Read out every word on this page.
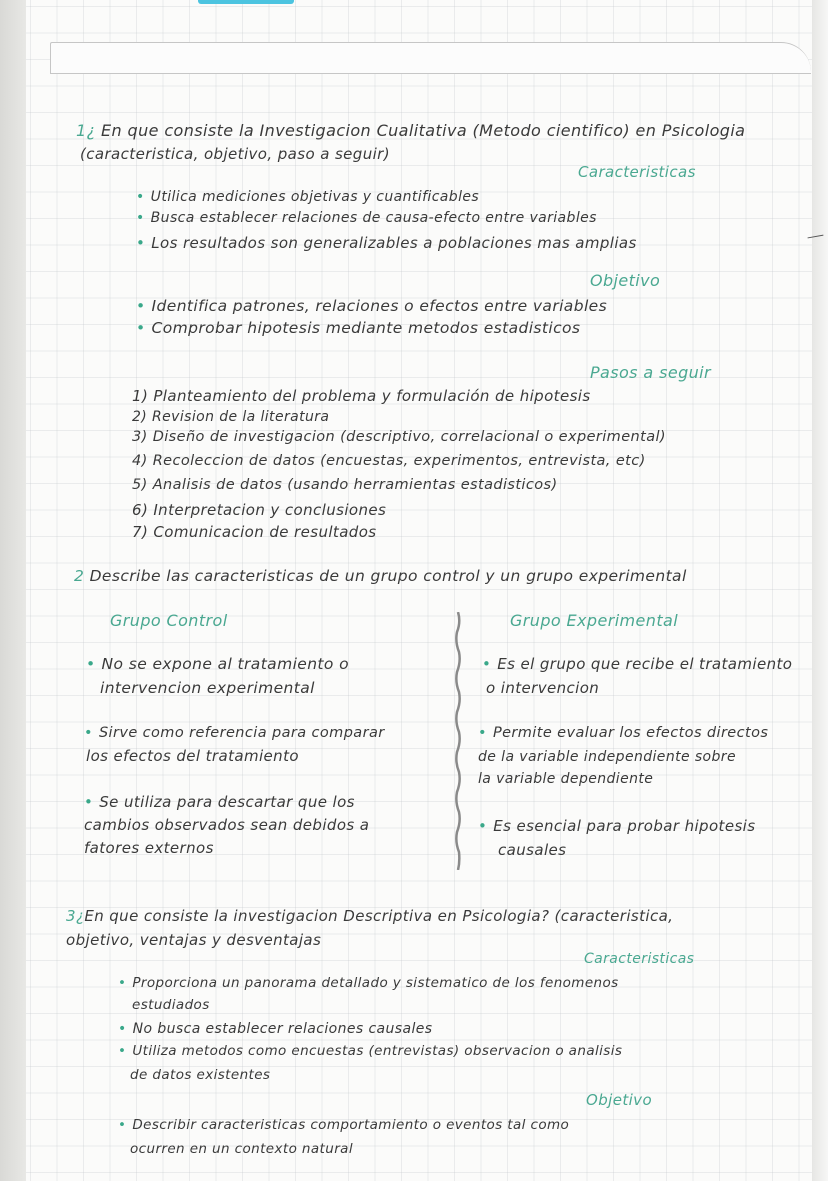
1¿ En que consiste la Investigacion Cualitativa (Metodo cientifico) en Psicologia
(caracteristica, objetivo, paso a seguir)
Caracteristicas
• Utilica mediciones objetivas y cuantificables
• Busca establecer relaciones de causa-efecto entre variables
• Los resultados son generalizables a poblaciones mas amplias
Objetivo
• Identifica patrones, relaciones o efectos entre variables
• Comprobar hipotesis mediante metodos estadisticos
Pasos a seguir
1) Planteamiento del problema y formulación de hipotesis
2) Revision de la literatura
3) Diseño de investigacion (descriptivo, correlacional o experimental)
4) Recoleccion de datos (encuestas, experimentos, entrevista, etc)
5) Analisis de datos (usando herramientas estadisticos)
6) Interpretacion y conclusiones
7) Comunicacion de resultados
2 Describe las caracteristicas de un grupo control y un grupo experimental
Grupo Control	Grupo Experimental
• No se expone al tratamiento o
intervencion experimental
• Sirve como referencia para comparar
los efectos del tratamiento
• Se utiliza para descartar que los
cambios observados sean debidos a
fatores externos
• Es el grupo que recibe el tratamiento
o intervencion
• Permite evaluar los efectos directos
de la variable independiente sobre
la variable dependiente
• Es esencial para probar hipotesis
causales
3¿En que consiste la investigacion Descriptiva en Psicologia? (caracteristica,
objetivo, ventajas y desventajas
Caracteristicas
• Proporciona un panorama detallado y sistematico de los fenomenos
estudiados
• No busca establecer relaciones causales
• Utiliza metodos como encuestas (entrevistas) observacion o analisis
de datos existentes
Objetivo
• Describir caracteristicas comportamiento o eventos tal como
ocurren en un contexto natural
